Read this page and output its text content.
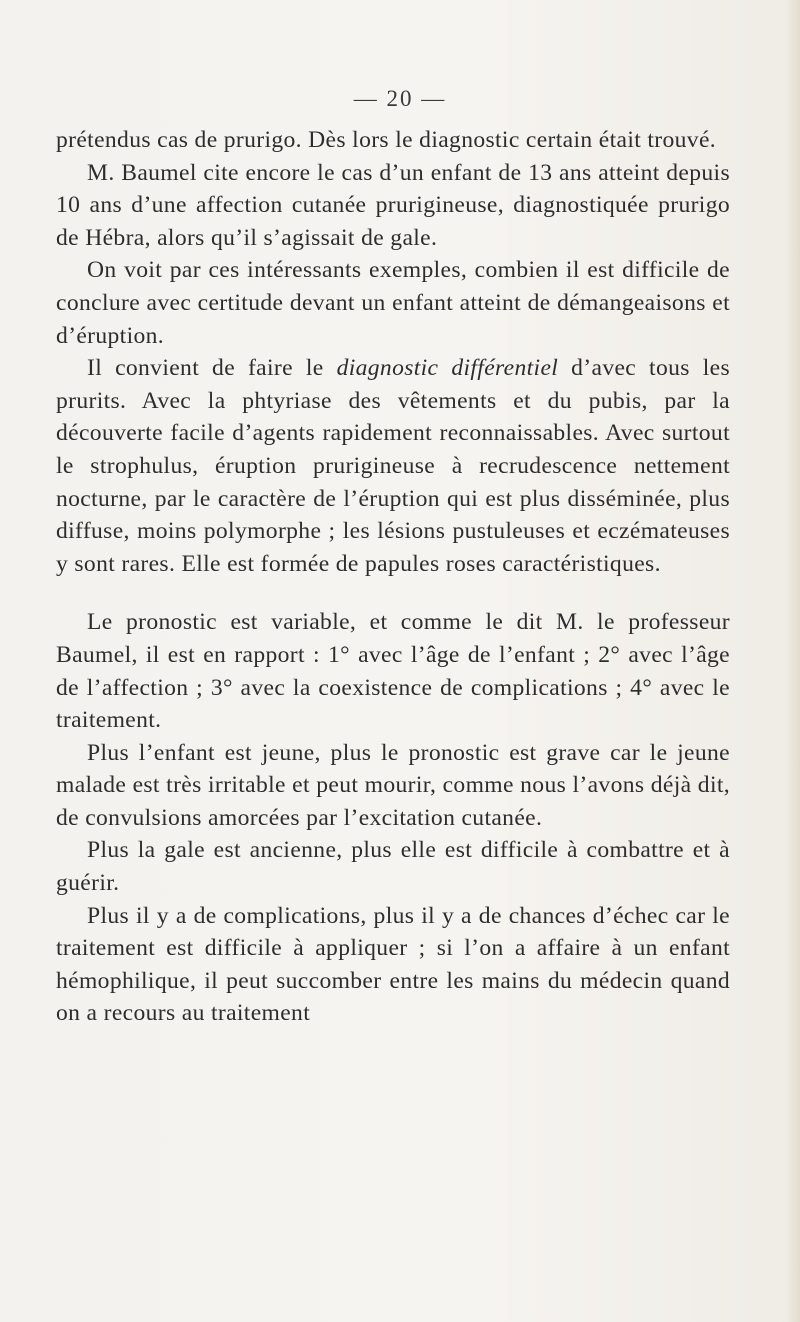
— 20 —

prétendus cas de prurigo. Dès lors le diagnostic certain était trouvé.

M. Baumel cite encore le cas d’un enfant de 13 ans atteint depuis 10 ans d’une affection cutanée prurigineuse, diagnostiquée prurigo de Hébra, alors qu’il s’agissait de gale.

On voit par ces intéressants exemples, combien il est difficile de conclure avec certitude devant un enfant atteint de démangeaisons et d’éruption.

Il convient de faire le diagnostic différentiel d’avec tous les prurits. Avec la phtyriase des vêtements et du pubis, par la découverte facile d’agents rapidement reconnaissables. Avec surtout le strophulus, éruption prurigineuse à recrudescence nettement nocturne, par le caractère de l’éruption qui est plus disséminée, plus diffuse, moins polymorphe ; les lésions pustuleuses et eczémateuses y sont rares. Elle est formée de papules roses caractéristiques.

Le pronostic est variable, et comme le dit M. le professeur Baumel, il est en rapport : 1° avec l’âge de l’enfant ; 2° avec l’âge de l’affection ; 3° avec la coexistence de complications ; 4° avec le traitement.

Plus l’enfant est jeune, plus le pronostic est grave car le jeune malade est très irritable et peut mourir, comme nous l’avons déjà dit, de convulsions amorcées par l’excitation cutanée.

Plus la gale est ancienne, plus elle est difficile à combattre et à guérir.

Plus il y a de complications, plus il y a de chances d’échec car le traitement est difficile à appliquer ; si l’on a affaire à un enfant hémophilique, il peut succomber entre les mains du médecin quand on a recours au traitement
